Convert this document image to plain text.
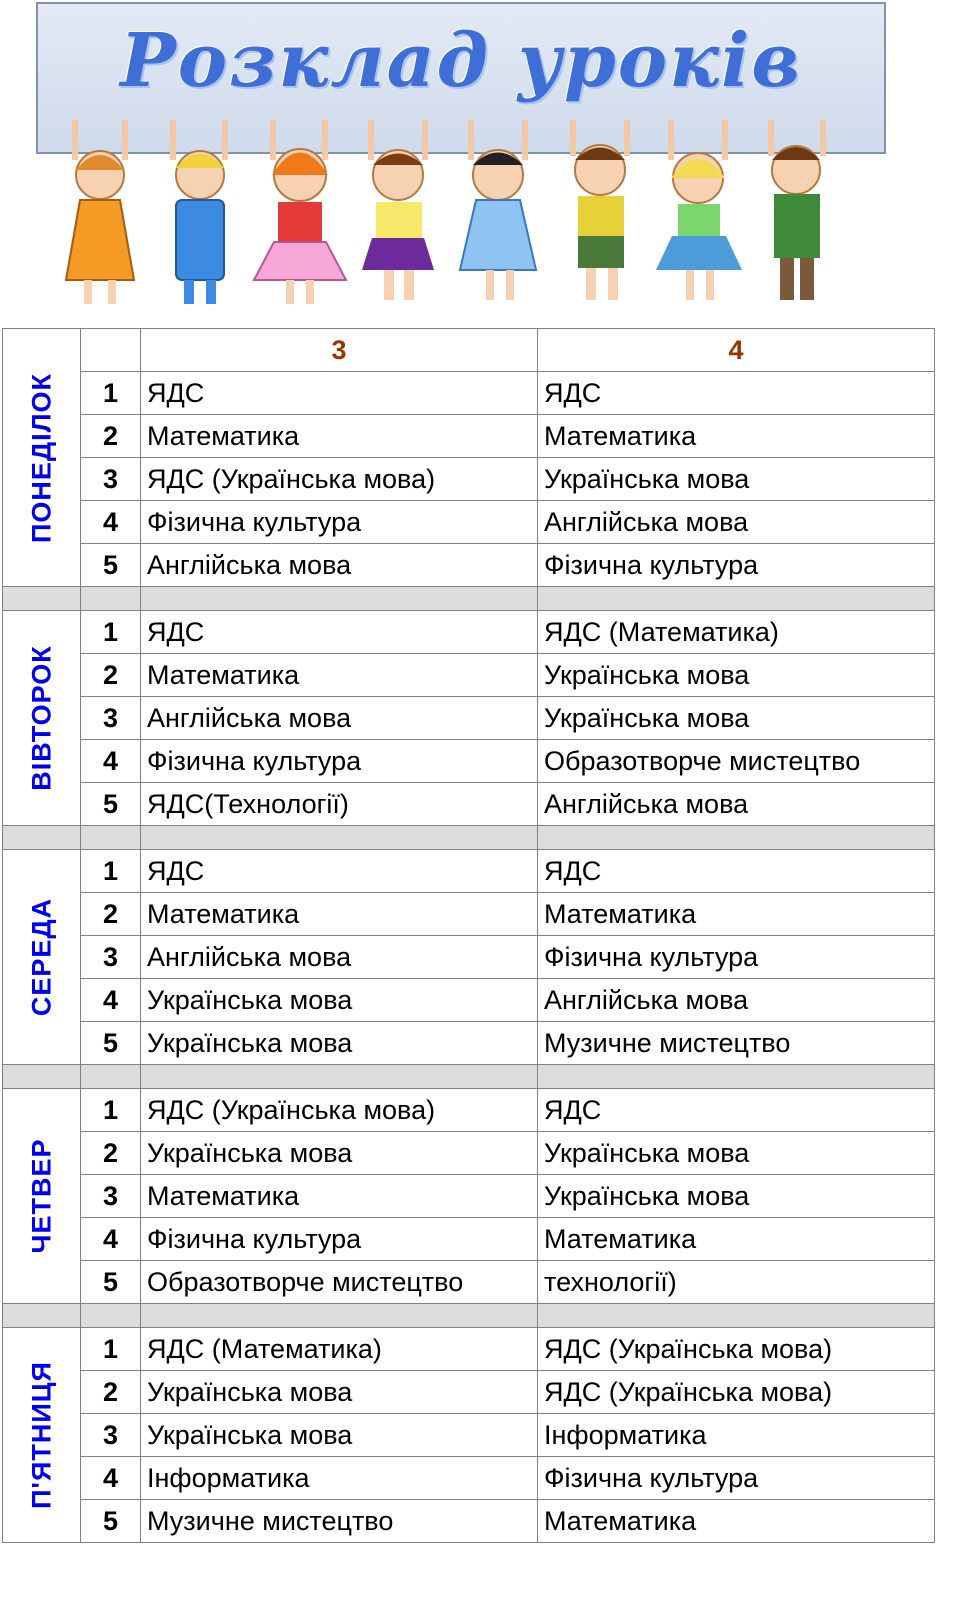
Розклад уроків
ПОНЕДІЛОК		3	4
	1	ЯДС	ЯДС
	2	Математика	Математика
	3	ЯДС (Українська мова)	Українська мова
	4	Фізична культура	Англійська мова
	5	Англійська мова	Фізична культура

ВІВТОРОК	1	ЯДС	ЯДС (Математика)
	2	Математика	Українська мова
	3	Англійська мова	Українська мова
	4	Фізична культура	Образотворче мистецтво
	5	ЯДС(Технології)	Англійська мова

СЕРЕДА	1	ЯДС	ЯДС
	2	Математика	Математика
	3	Англійська мова	Фізична культура
	4	Українська мова	Англійська мова
	5	Українська мова	Музичне мистецтво

ЧЕТВЕР	1	ЯДС (Українська мова)	ЯДС
	2	Українська мова	Українська мова
	3	Математика	Українська мова
	4	Фізична культура	Математика
	5	Образотворче мистецтво	технології)

П'ЯТНИЦЯ	1	ЯДС (Математика)	ЯДС (Українська мова)
	2	Українська мова	ЯДС (Українська мова)
	3	Українська мова	Інформатика
	4	Інформатика	Фізична культура
	5	Музичне мистецтво	Математика
